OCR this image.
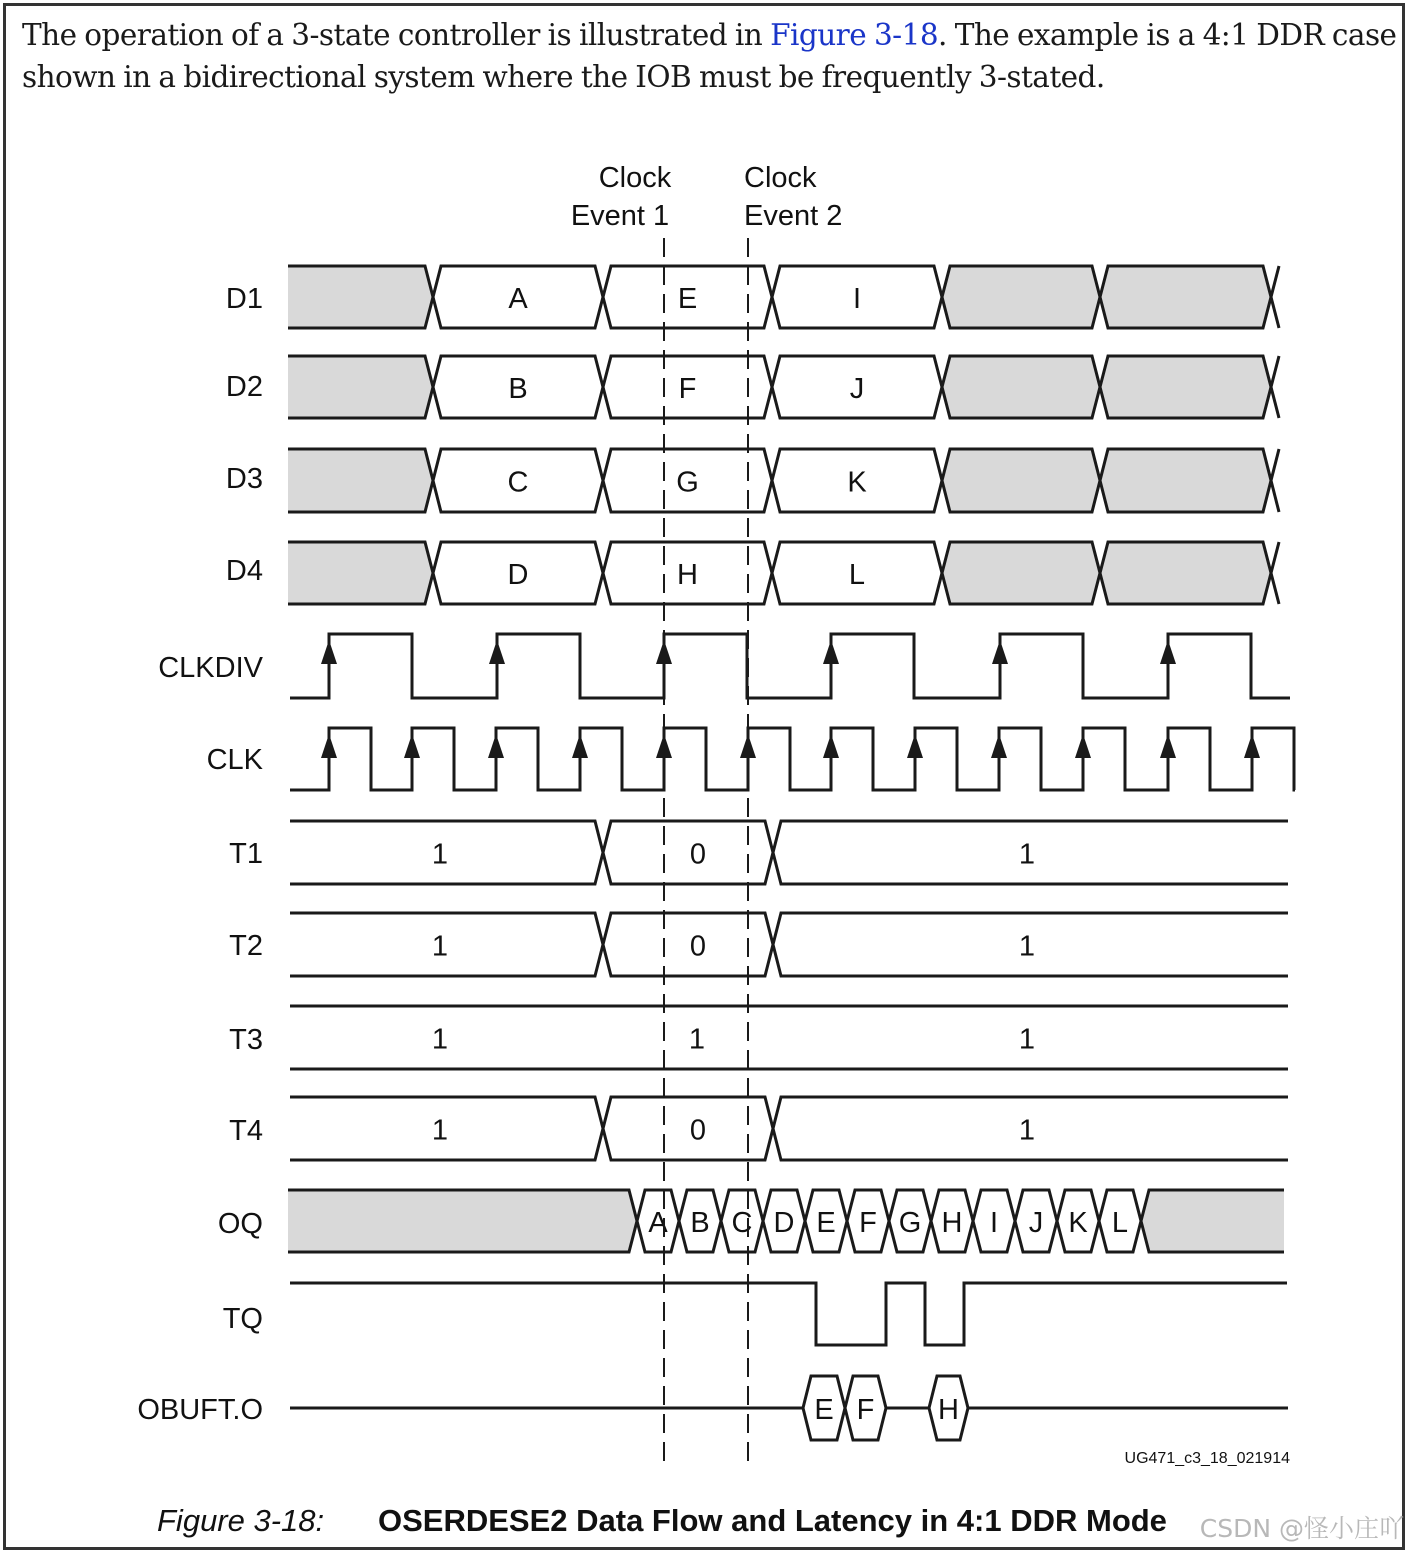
The operation of a 3-state controller is illustrated in Figure 3-18. The example is a 4:1 DDR case shown in a bidirectional system where the IOB must be frequently 3-stated.
Clock
Event 1
Clock
Event 2
D1
D2
D3
D4
CLKDIV
CLK
T1
T2
T3
T4
OQ
TQ
OBUFT.O
A	E	I
B	F	J
C	G	K
D	H	L
1	0	1
1	0	1
1	1	1
1	0	1
A B C D E F G H I J K L
E F H
UG471_c3_18_021914
Figure 3-18: OSERDESE2 Data Flow and Latency in 4:1 DDR Mode CSDN @怪小庄吖
